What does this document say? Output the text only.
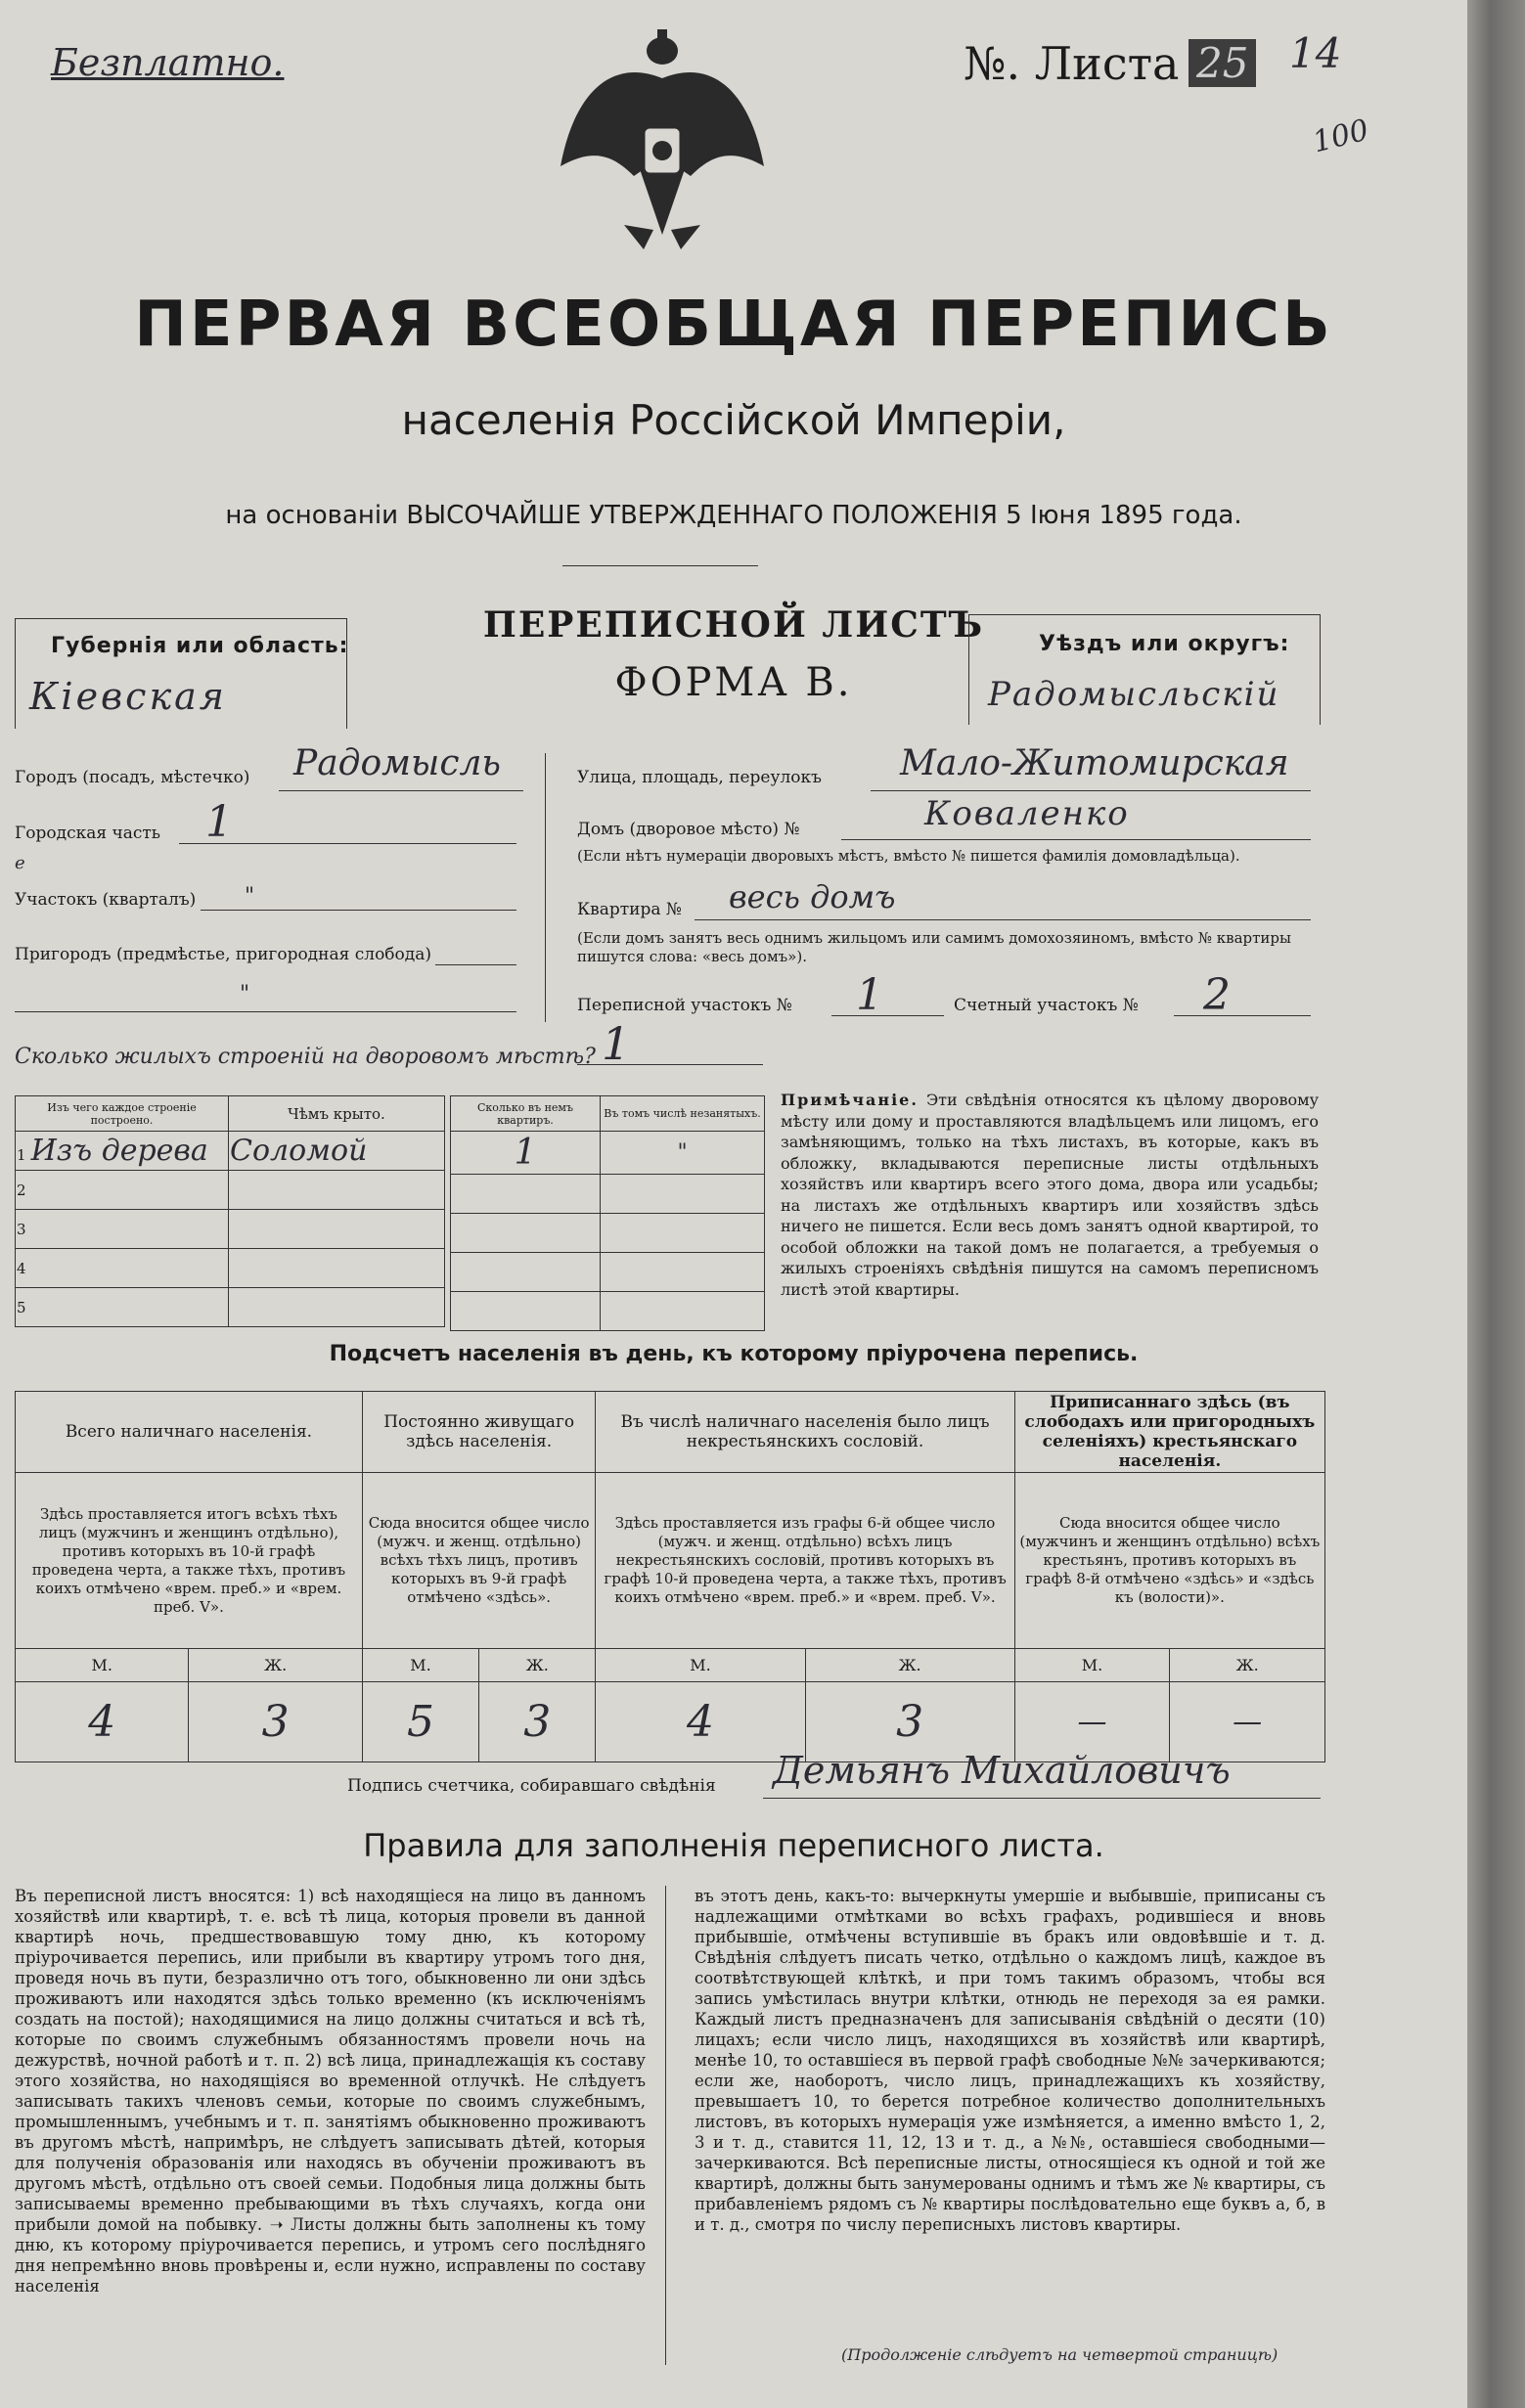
Безплатно.	№. Листа 25 14
100
ПЕРВАЯ ВСЕОБЩАЯ ПЕРЕПИСЬ
населенія Россійской Имперіи,
на основаніи ВЫСОЧАЙШЕ УТВЕРЖДЕННАГО ПОЛОЖЕНІЯ 5 Іюня 1895 года.
Губернія или область:
Кіевская
ПЕРЕПИСНОЙ ЛИСТЪ
ФОРМА В.
Уѣздъ или округъ:
Радомысльскій
Городъ (посадъ, мѣстечко) Радомысль
Городская часть 1
е
Участокъ (кварталъ) "
Пригородъ (предмѣстье, пригородная слобода)
"
Улица, площадь, переулокъ Мало-Житомирская
Домъ (дворовое мѣсто) №	Коваленко
(Если нѣтъ нумераціи дворовыхъ мѣстъ, вмѣсто № пишется фамилія домовладѣльца).
Квартира № весь домъ
(Если домъ занятъ весь однимъ жильцомъ или самимъ домохозяиномъ, вмѣсто № квартиры пишутся слова: «весь домъ»).
Переписной участокъ № 1	Счетный участокъ № 2
Сколько жилыхъ строеній на дворовомъ мѣстѣ? 1
Изъ чего каждое строеніе построено.	Чѣмъ крыто.
1 Изъ дерева	Соломой
2	
3	
4	
5	
Сколько въ немъ квартиръ.	Въ томъ числѣ незанятыхъ.
1	"

Примѣчаніе. Эти свѣдѣнія относятся къ цѣлому дворовому мѣсту или дому и проставляются владѣльцемъ или лицомъ, его замѣняющимъ, только на тѣхъ листахъ, въ которые, какъ въ обложку, вкладываются переписные листы отдѣльныхъ хозяйствъ или квартиръ всего этого дома, двора или усадьбы; на листахъ же отдѣльныхъ квартиръ или хозяйствъ здѣсь ничего не пишется. Если весь домъ занятъ одной квартирой, то особой обложки на такой домъ не полагается, а требуемыя о жилыхъ строеніяхъ свѣдѣнія пишутся на самомъ переписномъ листѣ этой квартиры.
Подсчетъ населенія въ день, къ которому пріурочена перепись.
Всего наличнаго населенія.		Постоянно живущаго здѣсь населенія.		Въ числѣ наличнаго населенія было лицъ некрестьянскихъ сословій.		Приписаннаго здѣсь (въ слободахъ или пригородныхъ селеніяхъ) крестьянскаго населенія.	
Здѣсь проставляется итогъ всѣхъ тѣхъ лицъ (мужчинъ и женщинъ отдѣльно), противъ которыхъ въ 10-й графѣ проведена черта, а также тѣхъ, противъ коихъ отмѣчено «врем. преб.» и «врем. преб. V».		Сюда вносится общее число (мужч. и женщ. отдѣльно) всѣхъ тѣхъ лицъ, противъ которыхъ въ 9-й графѣ отмѣчено «здѣсь».		Здѣсь проставляется изъ графы 6-й общее число (мужч. и женщ. отдѣльно) всѣхъ лицъ некрестьянскихъ сословій, противъ которыхъ въ графѣ 10-й проведена черта, а также тѣхъ, противъ коихъ отмѣчено «врем. преб.» и «врем. преб. V».		Сюда вносится общее число (мужчинъ и женщинъ отдѣльно) всѣхъ крестьянъ, противъ которыхъ въ графѣ 8-й отмѣчено «здѣсь» и «здѣсь къ (волости)».	
М.	Ж.	М.	Ж.	М.	Ж.	М.	Ж.
4	3	5	3	4	3	—	—
Подпись счетчика, собиравшаго свѣдѣнія Демьянъ Михайловичъ
Правила для заполненія переписного листа.
Въ переписной листъ вносятся: 1) всѣ находящіеся на лицо въ данномъ хозяйствѣ или квартирѣ, т. е. всѣ тѣ лица, которыя провели въ данной квартирѣ ночь, предшествовавшую тому дню, къ которому пріурочивается перепись, или прибыли въ квартиру утромъ того дня, проведя ночь въ пути, безразлично отъ того, обыкновенно ли они здѣсь проживаютъ или находятся здѣсь только временно (къ исключеніямъ создать на постой); находящимися на лицо должны считаться и всѣ тѣ, которые по своимъ служебнымъ обязанностямъ провели ночь на дежурствѣ, ночной работѣ и т. п. 2) всѣ лица, принадлежащія къ составу этого хозяйства, но находящіяся во временной отлучкѣ. Не слѣдуетъ записывать такихъ членовъ семьи, которые по своимъ служебнымъ, промышленнымъ, учебнымъ и т. п. занятіямъ обыкновенно проживаютъ въ другомъ мѣстѣ, напримѣръ, не слѣдуетъ записывать дѣтей, которыя для полученія образованія или находясь въ обученіи проживаютъ въ другомъ мѣстѣ, отдѣльно отъ своей семьи. Подобныя лица должны быть записываемы временно пребывающими въ тѣхъ случаяхъ, когда они прибыли домой на побывку. ➝ Листы должны быть заполнены къ тому дню, къ которому пріурочивается перепись, и утромъ сего послѣдняго дня непремѣнно вновь провѣрены и, если нужно, исправлены по составу населенія
въ этотъ день, какъ-то: вычеркнуты умершіе и выбывшіе, приписаны съ надлежащими отмѣтками во всѣхъ графахъ, родившіеся и вновь прибывшіе, отмѣчены вступившіе въ бракъ или овдовѣвшіе и т. д. Свѣдѣнія слѣдуетъ писать четко, отдѣльно о каждомъ лицѣ, каждое въ соотвѣтствующей клѣткѣ, и при томъ такимъ образомъ, чтобы вся запись умѣстилась внутри клѣтки, отнюдь не переходя за ея рамки. Каждый листъ предназначенъ для записыванія свѣдѣній о десяти (10) лицахъ; если число лицъ, находящихся въ хозяйствѣ или квартирѣ, менѣе 10, то оставшіеся въ первой графѣ свободные №№ зачеркиваются; если же, наоборотъ, число лицъ, принадлежащихъ къ хозяйству, превышаетъ 10, то берется потребное количество дополнительныхъ листовъ, въ которыхъ нумерація уже измѣняется, а именно вмѣсто 1, 2, 3 и т. д., ставится 11, 12, 13 и т. д., а №№, оставшіеся свободными—зачеркиваются. Всѣ переписные листы, относящіеся къ одной и той же квартирѣ, должны быть занумерованы однимъ и тѣмъ же № квартиры, съ прибавленіемъ рядомъ съ № квартиры послѣдовательно еще буквъ а, б, в и т. д., смотря по числу переписныхъ листовъ квартиры.
(Продолженіе слѣдуетъ на четвертой страницѣ)
